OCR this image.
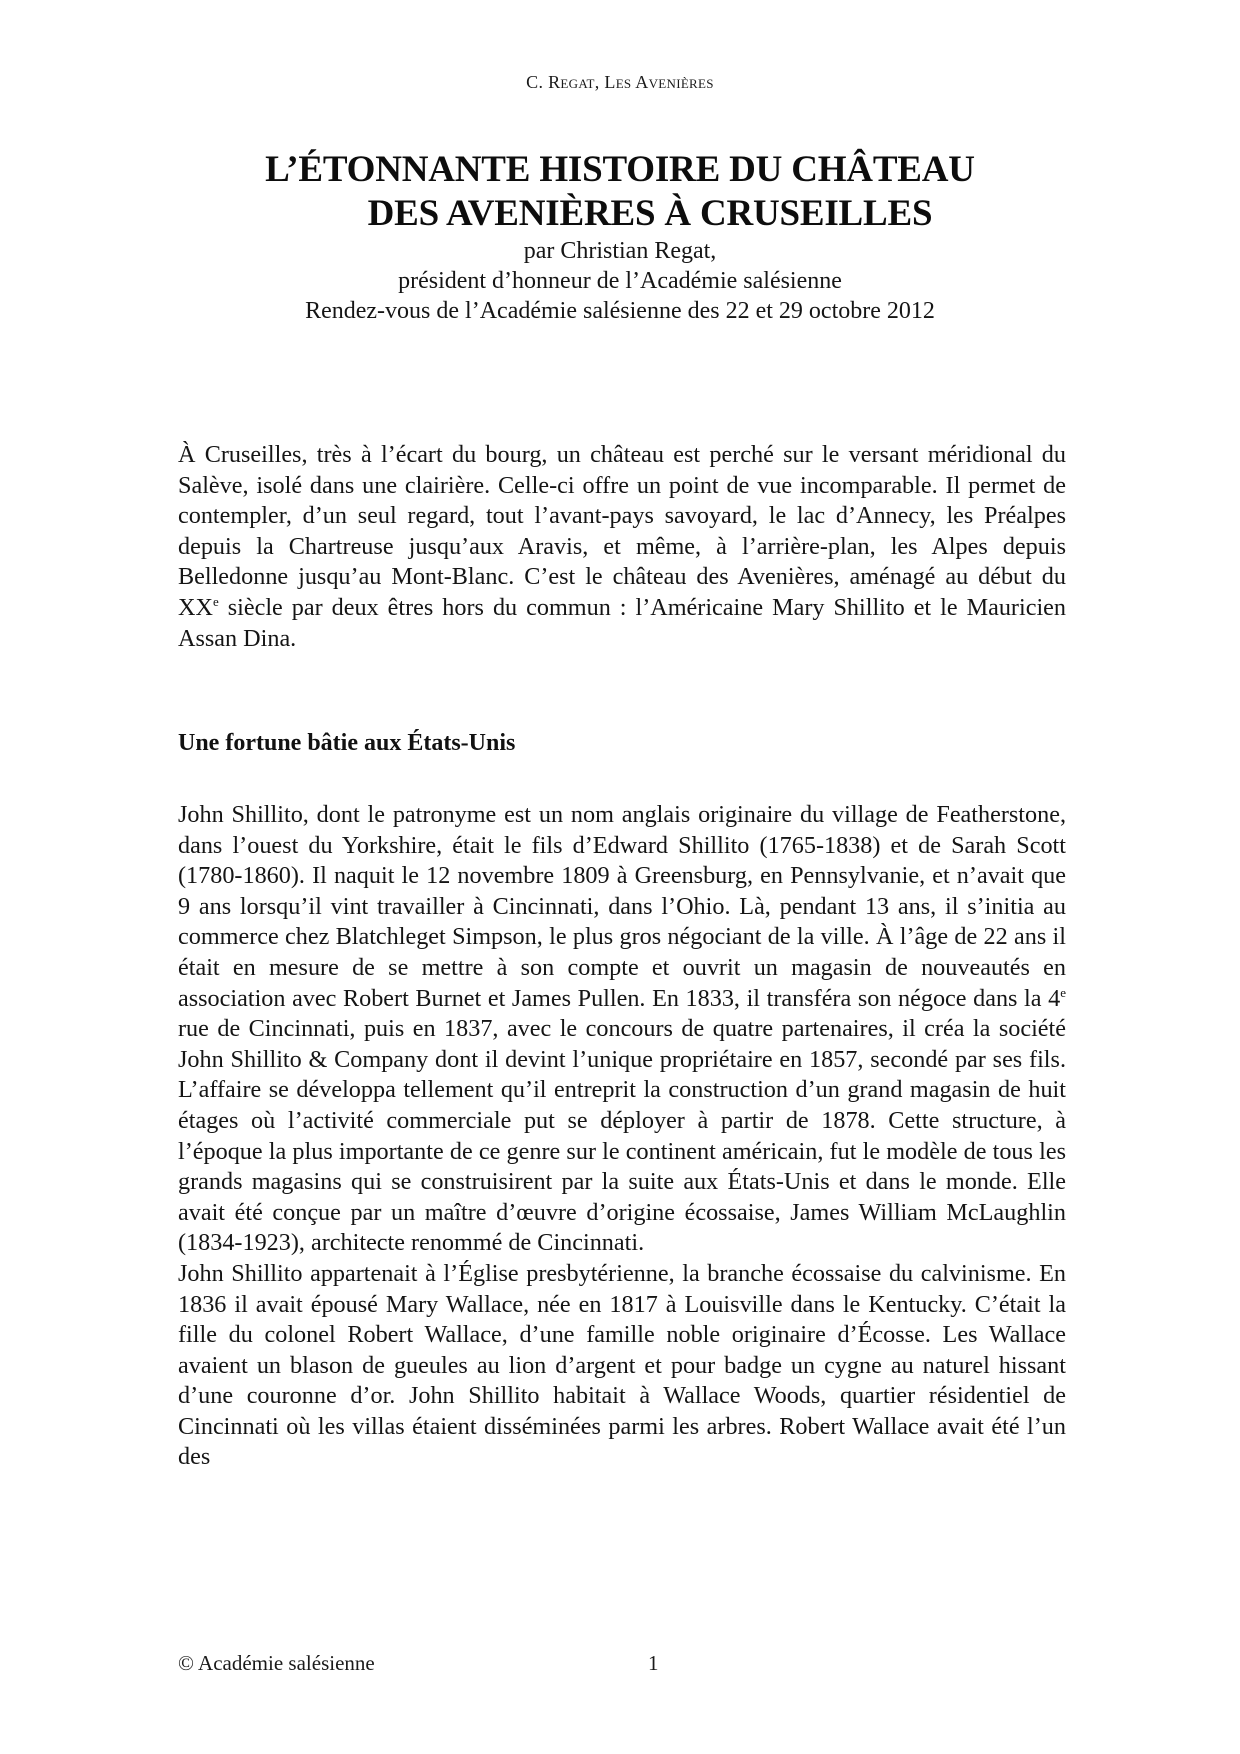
C. Regat, Les Avenières
L’ÉTONNANTE HISTOIRE DU CHÂTEAU
DES AVENIÈRES À CRUSEILLES
par Christian Regat,
président d’honneur de l’Académie salésienne
Rendez-vous de l’Académie salésienne des 22 et 29 octobre 2012

À Cruseilles, très à l’écart du bourg, un château est perché sur le versant méridional du Salève, isolé dans une clairière. Celle-ci offre un point de vue incomparable. Il permet de contempler, d’un seul regard, tout l’avant-pays savoyard, le lac d’Annecy, les Préalpes depuis la Chartreuse jusqu’aux Aravis, et même, à l’arrière-plan, les Alpes depuis Belledonne jusqu’au Mont-Blanc. C’est le château des Avenières, aménagé au début du XXe siècle par deux êtres hors du commun : l’Américaine Mary Shillito et le Mauricien Assan Dina.

Une fortune bâtie aux États-Unis

John Shillito, dont le patronyme est un nom anglais originaire du village de Featherstone, dans l’ouest du Yorkshire, était le fils d’Edward Shillito (1765-1838) et de Sarah Scott (1780-1860). Il naquit le 12 novembre 1809 à Greensburg, en Pennsylvanie, et n’avait que 9 ans lorsqu’il vint travailler à Cincinnati, dans l’Ohio. Là, pendant 13 ans, il s’initia au commerce chez Blatchleget Simpson, le plus gros négociant de la ville. À l’âge de 22 ans il était en mesure de se mettre à son compte et ouvrit un magasin de nouveautés en association avec Robert Burnet et James Pullen. En 1833, il transféra son négoce dans la 4e rue de Cincinnati, puis en 1837, avec le concours de quatre partenaires, il créa la société John Shillito & Company dont il devint l’unique propriétaire en 1857, secondé par ses fils. L’affaire se développa tellement qu’il entreprit la construction d’un grand magasin de huit étages où l’activité commerciale put se déployer à partir de 1878. Cette structure, à l’époque la plus importante de ce genre sur le continent américain, fut le modèle de tous les grands magasins qui se construisirent par la suite aux États-Unis et dans le monde. Elle avait été conçue par un maître d’œuvre d’origine écossaise, James William McLaughlin (1834-1923), architecte renommé de Cincinnati.

John Shillito appartenait à l’Église presbytérienne, la branche écossaise du calvinisme. En 1836 il avait épousé Mary Wallace, née en 1817 à Louisville dans le Kentucky. C’était la fille du colonel Robert Wallace, d’une famille noble originaire d’Écosse. Les Wallace avaient un blason de gueules au lion d’argent et pour badge un cygne au naturel hissant d’une couronne d’or. John Shillito habitait à Wallace Woods, quartier résidentiel de Cincinnati où les villas étaient disséminées parmi les arbres. Robert Wallace avait été l’un des

© Académie salésienne	1
